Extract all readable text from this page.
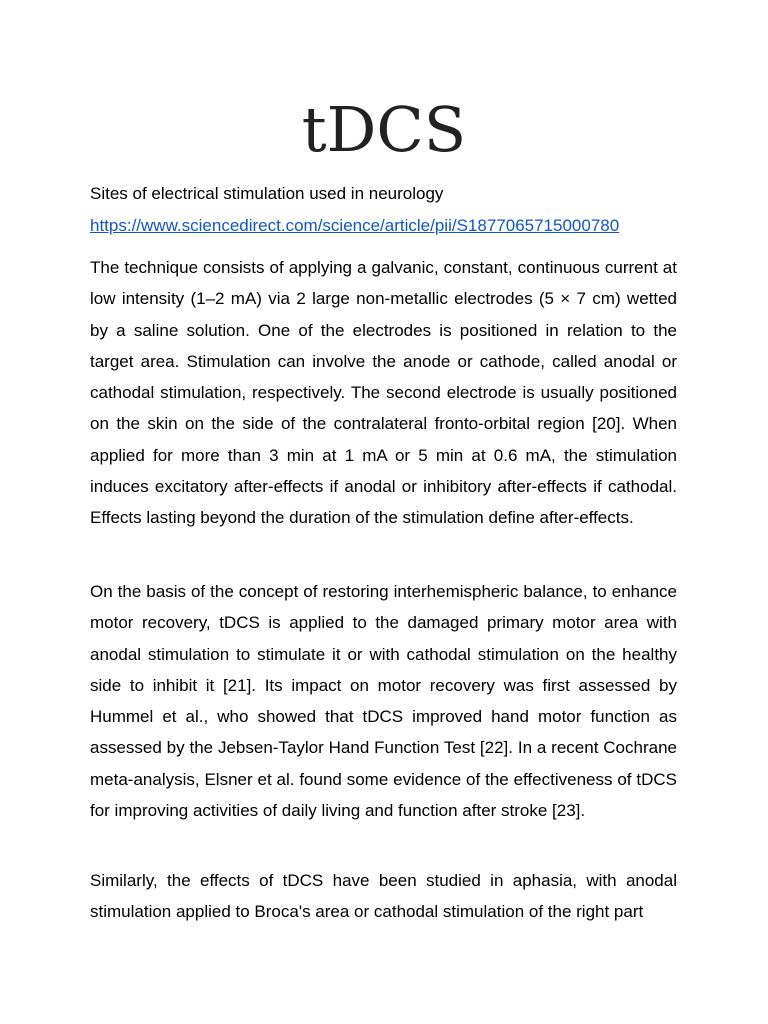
tDCS

Sites of electrical stimulation used in neurology

https://www.sciencedirect.com/science/article/pii/S1877065715000780

The technique consists of applying a galvanic, constant, continuous current at low intensity (1–2 mA) via 2 large non-metallic electrodes (5 × 7 cm) wetted by a saline solution. One of the electrodes is positioned in relation to the target area. Stimulation can involve the anode or cathode, called anodal or cathodal stimulation, respectively. The second electrode is usually positioned on the skin on the side of the contralateral fronto-orbital region [20]. When applied for more than 3 min at 1 mA or 5 min at 0.6 mA, the stimulation induces excitatory after-effects if anodal or inhibitory after-effects if cathodal. Effects lasting beyond the duration of the stimulation define after-effects.

On the basis of the concept of restoring interhemispheric balance, to enhance motor recovery, tDCS is applied to the damaged primary motor area with anodal stimulation to stimulate it or with cathodal stimulation on the healthy side to inhibit it [21]. Its impact on motor recovery was first assessed by Hummel et al., who showed that tDCS improved hand motor function as assessed by the Jebsen-Taylor Hand Function Test [22]. In a recent Cochrane meta-analysis, Elsner et al. found some evidence of the effectiveness of tDCS for improving activities of daily living and function after stroke [23].

Similarly, the effects of tDCS have been studied in aphasia, with anodal stimulation applied to Broca's area or cathodal stimulation of the right part
